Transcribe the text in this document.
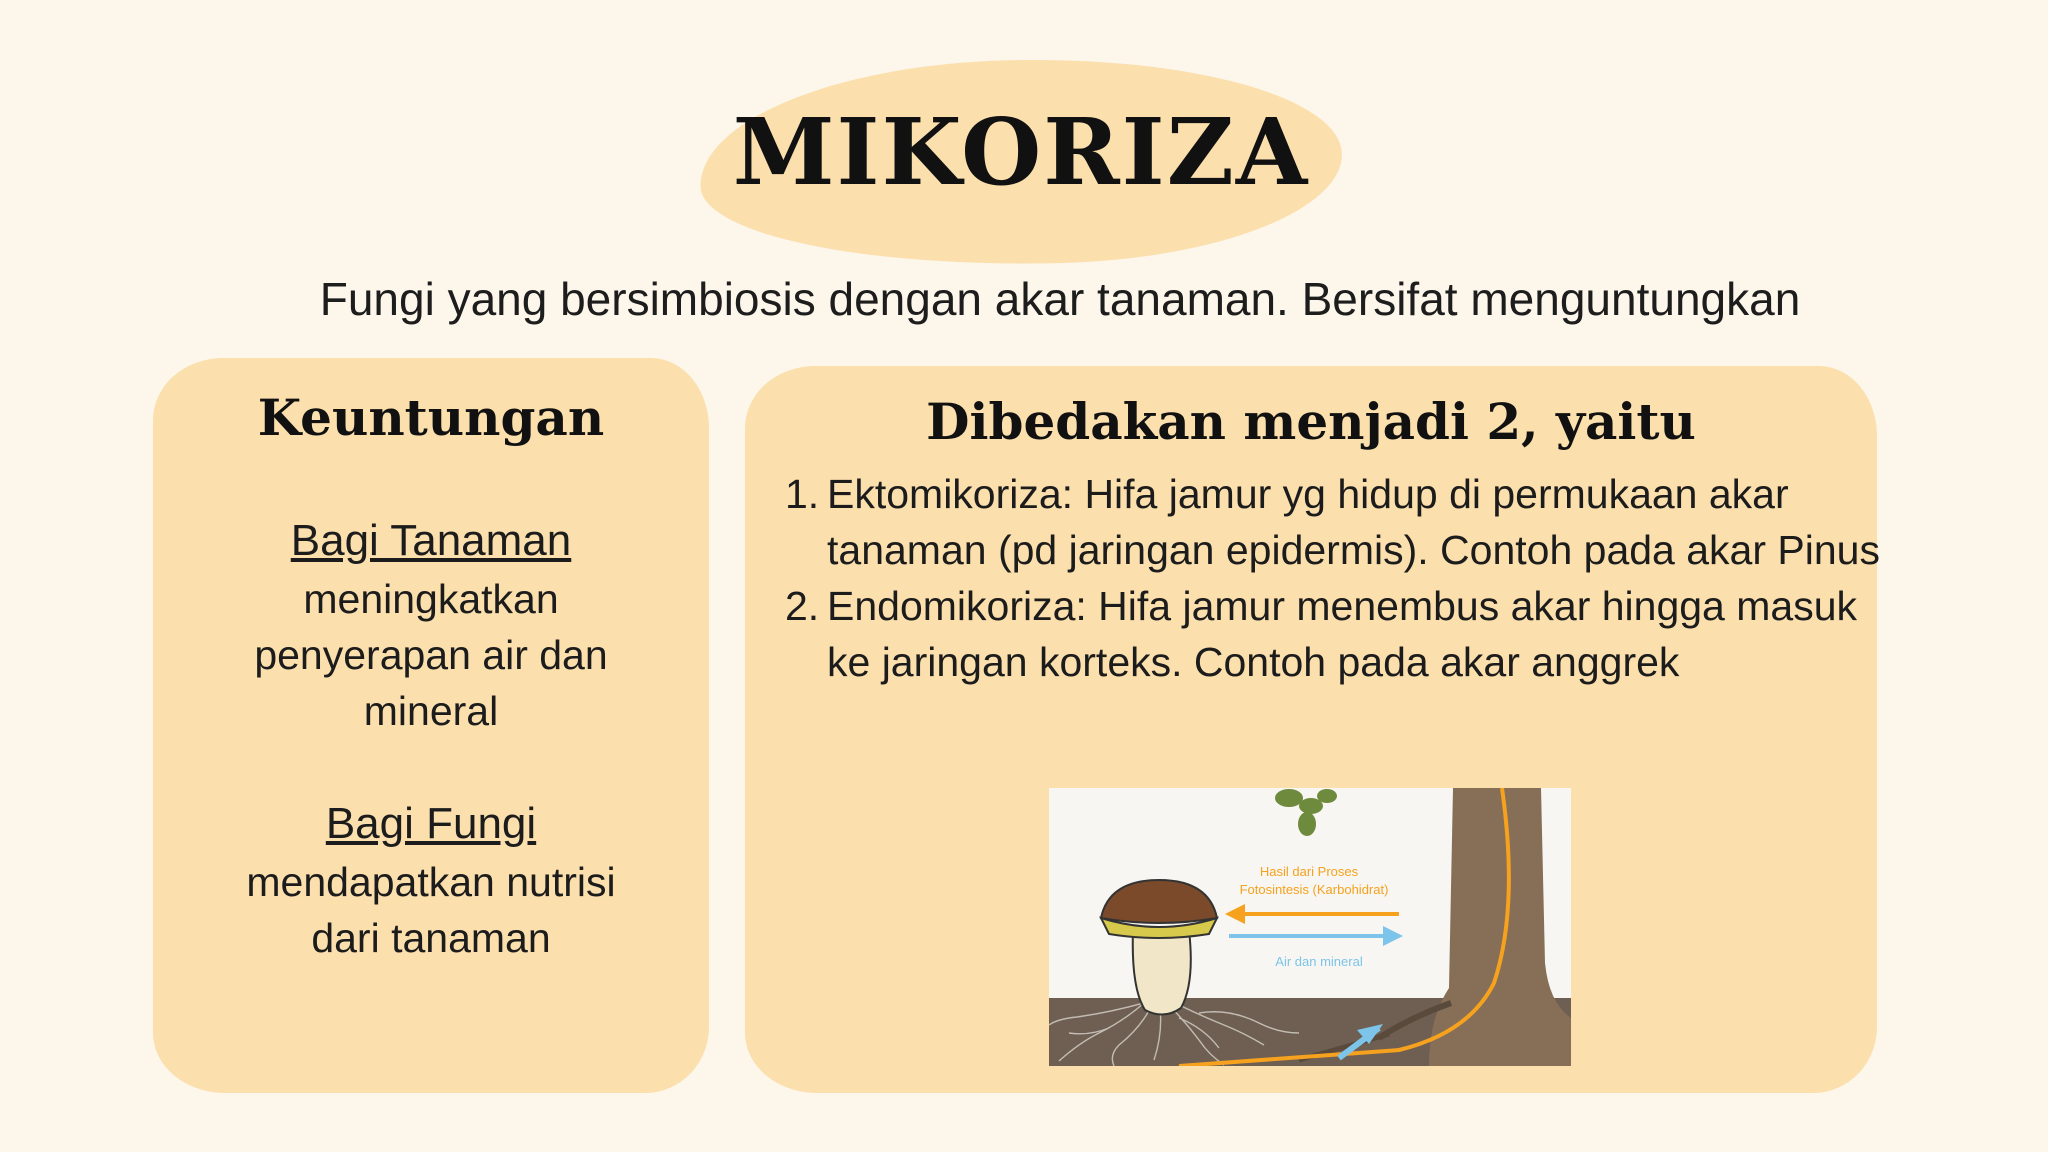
MIKORIZA
Fungi yang bersimbiosis dengan akar tanaman. Bersifat menguntungkan
Keuntungan
Bagi Tanaman
meningkatkan penyerapan air dan mineral
Bagi Fungi
mendapatkan nutrisi dari tanaman
Dibedakan menjadi 2, yaitu
1. Ektomikoriza: Hifa jamur yg hidup di permukaan akar tanaman (pd jaringan epidermis). Contoh pada akar Pinus
2. Endomikoriza: Hifa jamur menembus akar hingga masuk ke jaringan korteks. Contoh pada akar anggrek
Hasil dari Proses
Fotosintesis (Karbohidrat)
Air dan mineral
